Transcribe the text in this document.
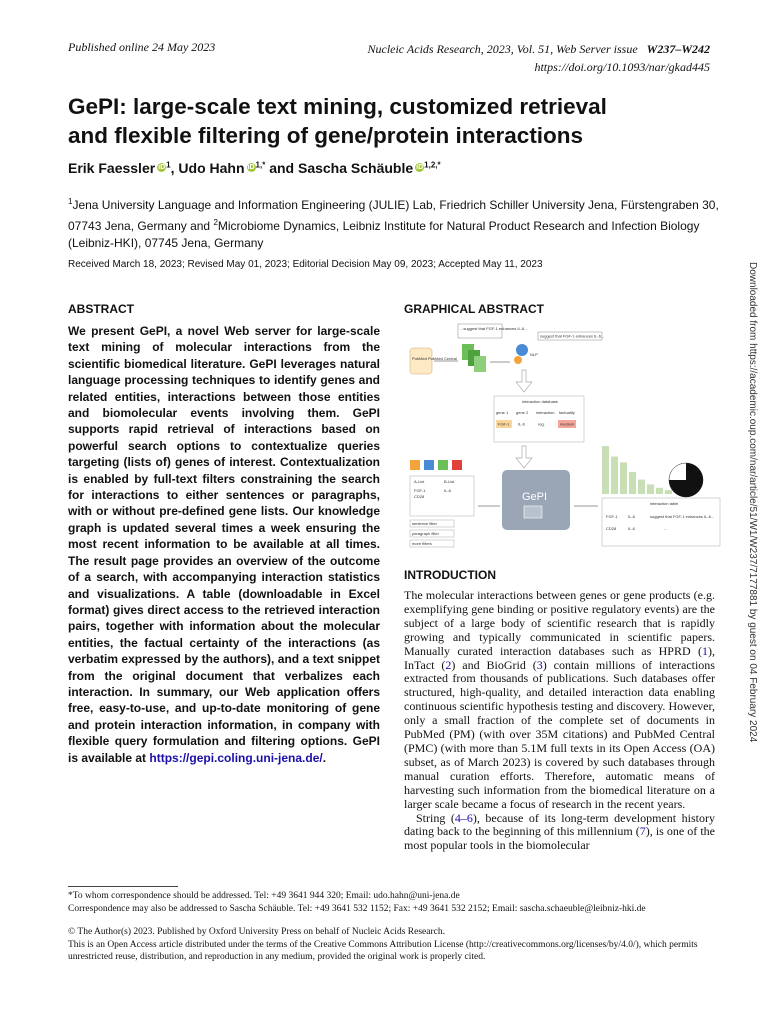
Published online 24 May 2023	Nucleic Acids Research, 2023, Vol. 51, Web Server issue W237–W242
https://doi.org/10.1093/nar/gkad445
GePI: large-scale text mining, customized retrieval
and flexible filtering of gene/protein interactions
Erik Faessler $iD^1$, Udo Hahn $iD^{1,*}$ and Sascha Schäuble $iD^{1,2,*}$
$^1$Jena University Language and Information Engineering (JULIE) Lab, Friedrich Schiller University Jena, Fürstengraben 30, 07743 Jena, Germany and $^2$Microbiome Dynamics, Leibniz Institute for Natural Product Research and Infection Biology (Leibniz-HKI), 07745 Jena, Germany
Received March 18, 2023; Revised May 01, 2023; Editorial Decision May 09, 2023; Accepted May 11, 2023	Downloaded from https://academic.oup.com/nar/article/51/W1/W237/7177881 by guest on 04 February 2024
ABSTRACT
We present GePI, a novel Web server for large-scale text mining of molecular interactions from the scientific biomedical literature. GePI leverages natural language processing techniques to identify genes and related entities, interactions between those entities and biomolecular events involving them. GePI supports rapid retrieval of interactions based on powerful search options to contextualize queries targeting (lists of) genes of interest. Contextualization is enabled by full-text filters constraining the search for interactions to either sentences or paragraphs, with or without pre-defined gene lists. Our knowledge graph is updated several times a week ensuring the most recent information to be available at all times. The result page provides an overview of the outcome of a search, with accompanying interaction statistics and visualizations. A table (downloadable in Excel format) gives direct access to the retrieved interaction pairs, together with information about the molecular entities, the factual certainty of the interactions (as verbatim expressed by the authors), and a text snippet from the original document that verbalizes each interaction. In summary, our Web application offers free, easy-to-use, and up-to-date monitoring of gene and protein interaction information, in company with flexible query formulation and filtering options. GePI is available at https://gepi.coling.uni-jena.de/.
GRAPHICAL ABSTRACT
...suggest that FGF-1 enhances IL-6...
suggest that FGF-1 enhances IL-6...
PubMed PubMed Central
NLP
interaction database
gene 1 gene 2 interaction factuality
FGF-1 IL-6	reg.	medium
A-List	B-List
FGF-1
CD28
IL-6
sentence filter
paragraph filter
more filters
GePI
interaction table
FGF-1	IL-6	suggest that FGF-1 enhances IL-6...
CD28	IL-6	...
INTRODUCTION

The molecular interactions between genes or gene products (e.g. exemplifying gene binding or positive regulatory events) are the subject of a large body of scientific research that is rapidly growing and typically communicated in scientific papers. Manually curated interaction databases such as HPRD (1), InTact (2) and BioGrid (3) contain millions of interactions extracted from thousands of publications. Such databases offer structured, high-quality, and detailed interaction data enabling continuous scientific hypothesis testing and discovery. However, only a small fraction of the complete set of documents in PubMed (PM) (with over 35M citations) and PubMed Central (PMC) (with more than 5.1M full texts in its Open Access (OA) subset, as of March 2023) is covered by such databases through manual curation efforts. Therefore, automatic means of harvesting such information from the biomedical literature on a larger scale became a focus of research in the recent years.

String (4–6), because of its long-term development history dating back to the beginning of this millennium (7), is one of the most popular tools in the biomolecular

*To whom correspondence should be addressed. Tel: +49 3641 944 320; Email: udo.hahn@uni-jena.de
Correspondence may also be addressed to Sascha Schäuble. Tel: +49 3641 532 1152; Fax: +49 3641 532 2152; Email: sascha.schaeuble@leibniz-hki.de
© The Author(s) 2023. Published by Oxford University Press on behalf of Nucleic Acids Research.
This is an Open Access article distributed under the terms of the Creative Commons Attribution License (http://creativecommons.org/licenses/by/4.0/), which permits unrestricted reuse, distribution, and reproduction in any medium, provided the original work is properly cited.
